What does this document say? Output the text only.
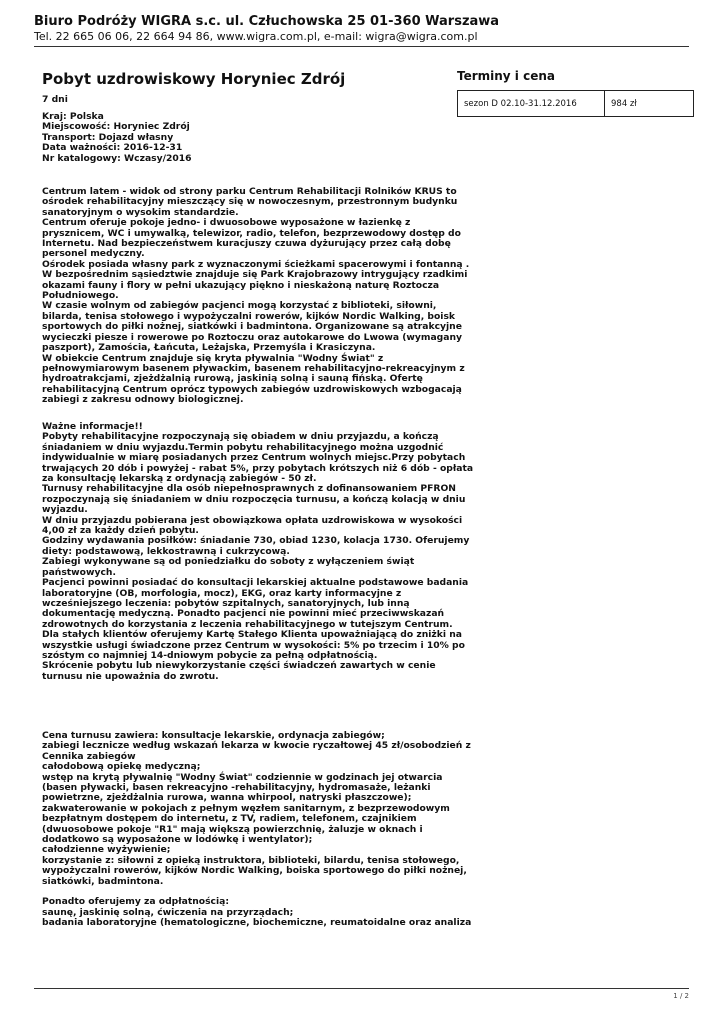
Biuro Podróży WIGRA s.c. ul. Człuchowska 25 01-360 Warszawa
Tel. 22 665 06 06, 22 664 94 86, www.wigra.com.pl, e-mail: wigra@wigra.com.pl
Pobyt uzdrowiskowy Horyniec Zdrój	Terminy i cena
sezon D 02.10-31.12.2016	984 zł
7 dni
Kraj: Polska
Miejscowość: Horyniec Zdrój
Transport: Dojazd własny
Data ważności: 2016-12-31
Nr katalogowy: Wczasy/2016
Centrum latem - widok od strony parku Centrum Rehabilitacji Rolników KRUS to
ośrodek rehabilitacyjny mieszczący się w nowoczesnym, przestronnym budynku
sanatoryjnym o wysokim standardzie.
Centrum oferuje pokoje jedno- i dwuosobowe wyposażone w łazienkę z
prysznicem, WC i umywalką, telewizor, radio, telefon, bezprzewodowy dostęp do
Internetu. Nad bezpieczeństwem kuracjuszy czuwa dyżurujący przez całą dobę
personel medyczny.
Ośrodek posiada własny park z wyznaczonymi ścieżkami spacerowymi i fontanną .
W bezpośrednim sąsiedztwie znajduje się Park Krajobrazowy intrygujący rzadkimi
okazami fauny i flory w pełni ukazujący piękno i nieskażoną naturę Roztocza
Południowego.
W czasie wolnym od zabiegów pacjenci mogą korzystać z biblioteki, siłowni,
bilarda, tenisa stołowego i wypożyczalni rowerów, kijków Nordic Walking, boisk
sportowych do piłki nożnej, siatkówki i badmintona. Organizowane są atrakcyjne
wycieczki piesze i rowerowe po Roztoczu oraz autokarowe do Lwowa (wymagany
paszport), Zamościa, Łańcuta, Leżajska, Przemyśla i Krasiczyna.
W obiekcie Centrum znajduje się kryta pływalnia "Wodny Świat" z
pełnowymiarowym basenem pływackim, basenem rehabilitacyjno-rekreacyjnym z
hydroatrakcjami, zjeżdżalnią rurową, jaskinią solną i sauną fińską. Ofertę
rehabilitacyjną Centrum oprócz typowych zabiegów uzdrowiskowych wzbogacają
zabiegi z zakresu odnowy biologicznej.
Ważne informacje!!
Pobyty rehabilitacyjne rozpoczynają się obiadem w dniu przyjazdu, a kończą
śniadaniem w dniu wyjazdu.Termin pobytu rehabilitacyjnego można uzgodnić
indywidualnie w miarę posiadanych przez Centrum wolnych miejsc.Przy pobytach
trwających 20 dób i powyżej - rabat 5%, przy pobytach krótszych niż 6 dób - opłata
za konsultację lekarską z ordynacją zabiegów - 50 zł.
Turnusy rehabilitacyjne dla osób niepełnosprawnych z dofinansowaniem PFRON
rozpoczynają się śniadaniem w dniu rozpoczęcia turnusu, a kończą kolacją w dniu
wyjazdu.
W dniu przyjazdu pobierana jest obowiązkowa opłata uzdrowiskowa w wysokości
4,00 zł za każdy dzień pobytu.
Godziny wydawania posiłków: śniadanie 730, obiad 1230, kolacja 1730. Oferujemy
diety: podstawową, lekkostrawną i cukrzycową.
Zabiegi wykonywane są od poniedziałku do soboty z wyłączeniem świąt
państwowych.
Pacjenci powinni posiadać do konsultacji lekarskiej aktualne podstawowe badania
laboratoryjne (OB, morfologia, mocz), EKG, oraz karty informacyjne z
wcześniejszego leczenia: pobytów szpitalnych, sanatoryjnych, lub inną
dokumentację medyczną. Ponadto pacjenci nie powinni mieć przeciwwskazań
zdrowotnych do korzystania z leczenia rehabilitacyjnego w tutejszym Centrum.
Dla stałych klientów oferujemy Kartę Stałego Klienta upoważniającą do zniżki na
wszystkie usługi świadczone przez Centrum w wysokości: 5% po trzecim i 10% po
szóstym co najmniej 14-dniowym pobycie za pełną odpłatnością.
Skrócenie pobytu lub niewykorzystanie części świadczeń zawartych w cenie
turnusu nie upoważnia do zwrotu.
Cena turnusu zawiera: konsultacje lekarskie, ordynacja zabiegów;
zabiegi lecznicze według wskazań lekarza w kwocie ryczałtowej 45 zł/osobodzień z
Cennika zabiegów
całodobową opiekę medyczną;
wstęp na krytą pływalnię "Wodny Świat" codziennie w godzinach jej otwarcia
(basen pływacki, basen rekreacyjno -rehabilitacyjny, hydromasaże, leżanki
powietrzne, zjeżdżalnia rurowa, wanna whirpool, natryski płaszczowe);
zakwaterowanie w pokojach z pełnym węzłem sanitarnym, z bezprzewodowym
bezpłatnym dostępem do internetu, z TV, radiem, telefonem, czajnikiem
(dwuosobowe pokoje "R1" mają większą powierzchnię, żaluzje w oknach i
dodatkowo są wyposażone w lodówkę i wentylator);
całodzienne wyżywienie;
korzystanie z: siłowni z opieką instruktora, biblioteki, bilardu, tenisa stołowego,
wypożyczalni rowerów, kijków Nordic Walking, boiska sportowego do piłki nożnej,
siatkówki, badmintona.
Ponadto oferujemy za odpłatnością:
saunę, jaskinię solną, ćwiczenia na przyrządach;
badania laboratoryjne (hematologiczne, biochemiczne, reumatoidalne oraz analiza
1 / 2
